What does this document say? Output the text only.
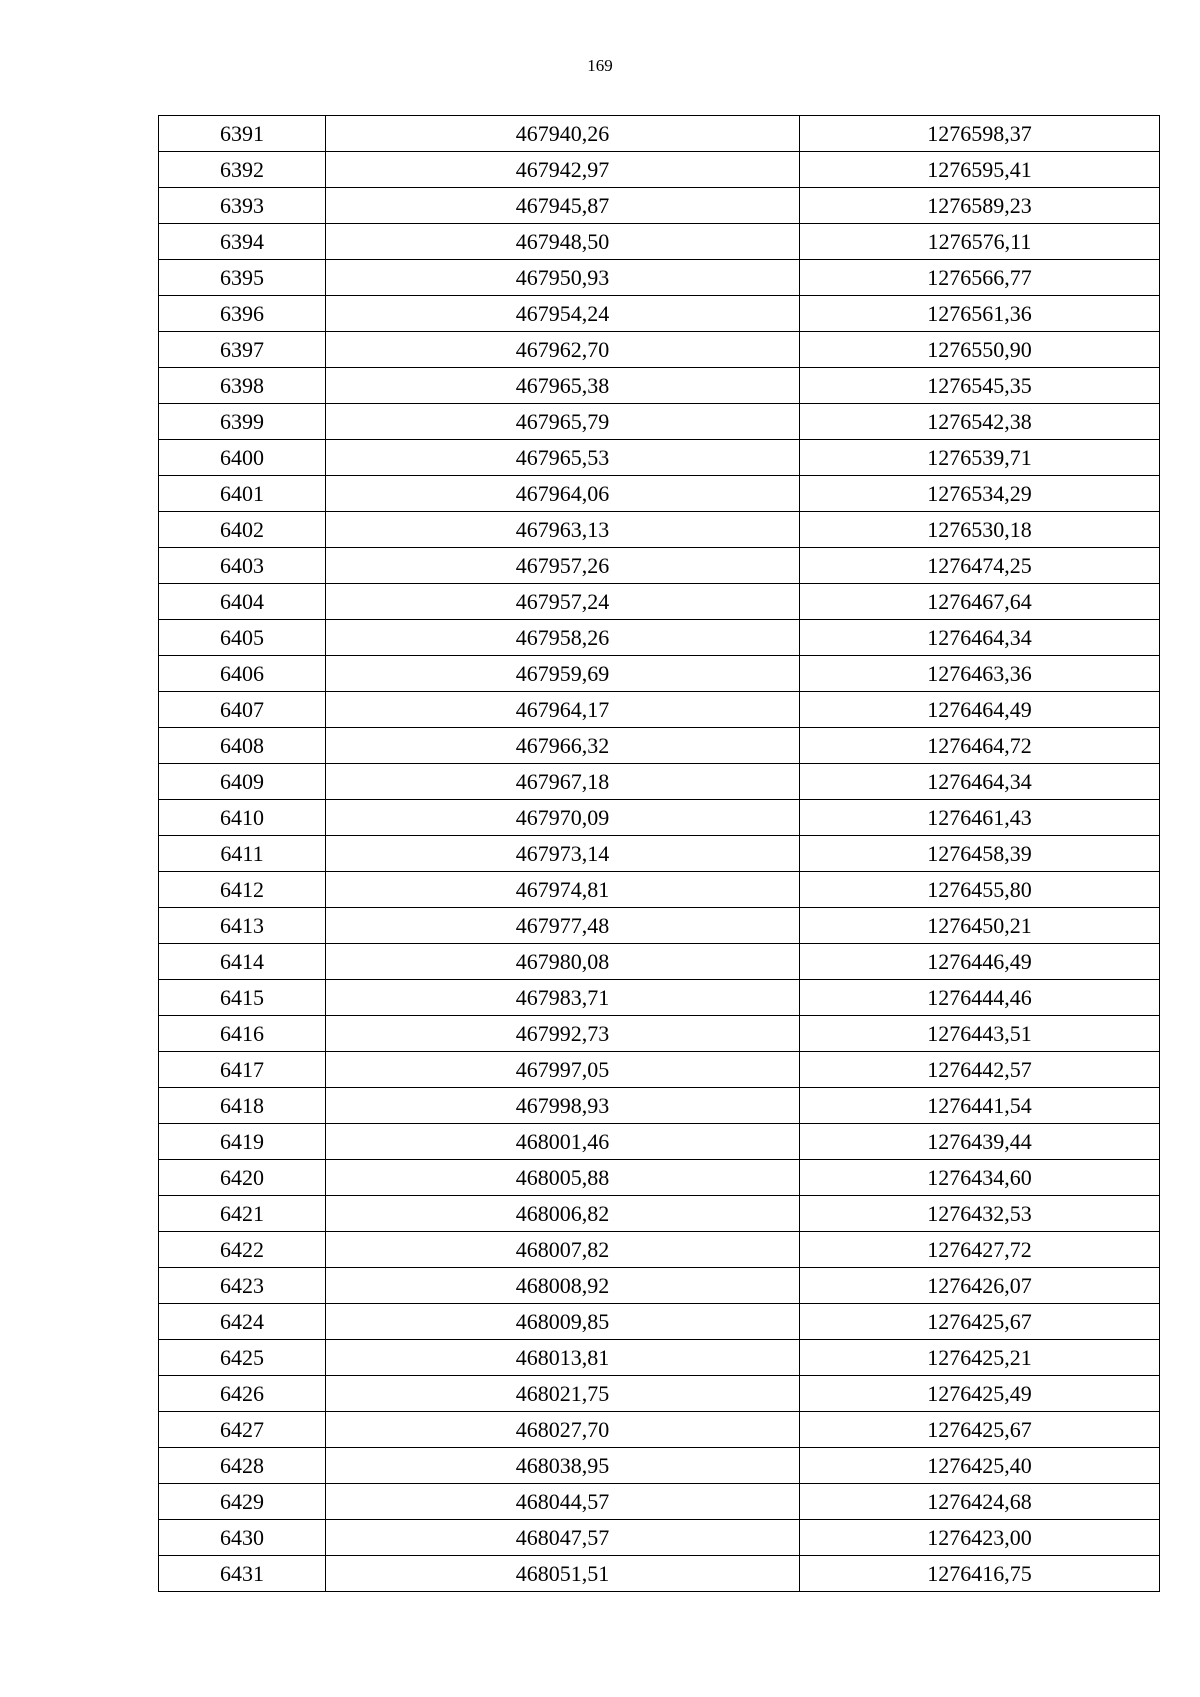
169
6391	467940,26	1276598,37
6392	467942,97	1276595,41
6393	467945,87	1276589,23
6394	467948,50	1276576,11
6395	467950,93	1276566,77
6396	467954,24	1276561,36
6397	467962,70	1276550,90
6398	467965,38	1276545,35
6399	467965,79	1276542,38
6400	467965,53	1276539,71
6401	467964,06	1276534,29
6402	467963,13	1276530,18
6403	467957,26	1276474,25
6404	467957,24	1276467,64
6405	467958,26	1276464,34
6406	467959,69	1276463,36
6407	467964,17	1276464,49
6408	467966,32	1276464,72
6409	467967,18	1276464,34
6410	467970,09	1276461,43
6411	467973,14	1276458,39
6412	467974,81	1276455,80
6413	467977,48	1276450,21
6414	467980,08	1276446,49
6415	467983,71	1276444,46
6416	467992,73	1276443,51
6417	467997,05	1276442,57
6418	467998,93	1276441,54
6419	468001,46	1276439,44
6420	468005,88	1276434,60
6421	468006,82	1276432,53
6422	468007,82	1276427,72
6423	468008,92	1276426,07
6424	468009,85	1276425,67
6425	468013,81	1276425,21
6426	468021,75	1276425,49
6427	468027,70	1276425,67
6428	468038,95	1276425,40
6429	468044,57	1276424,68
6430	468047,57	1276423,00
6431	468051,51	1276416,75
